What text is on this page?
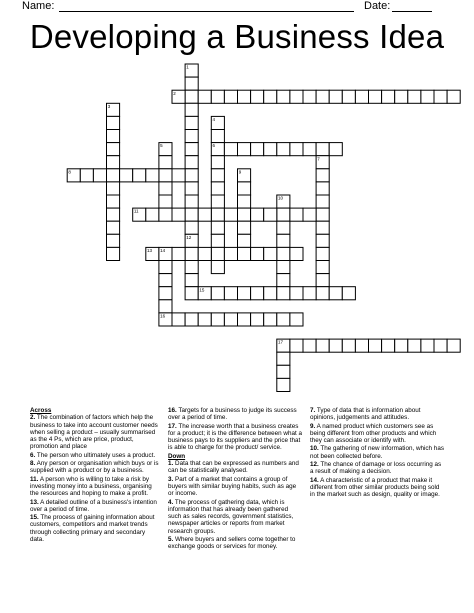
Name:	Date:
Developing a Business Idea
1
12
2
3
4
6
5
7
8	9
10
11
13 14
15
16
17
Across
2. The combination of factors which help the business to take into account customer needs when selling a product – usually summarised as the 4 Ps, which are price, product, promotion and place
6. The person who ultimately uses a product.
8. Any person or organisation which buys or is supplied with a product or by a business.
11. A person who is willing to take a risk by investing money into a business, organising the resources and hoping to make a profit.
13. A detailed outline of a business's intention over a period of time.
15. The process of gaining information about customers, competitors and market trends through collecting primary and secondary data.
16. Targets for a business to judge its success over a period of time.
17. The increase worth that a business creates for a product; it is the difference between what a business pays to its suppliers and the price that is able to charge for the product/ service.
Down
1. Data that can be expressed as numbers and can be statistically analysed.
3. Part of a market that contains a group of buyers with similar buying habits, such as age or income.
4. The process of gathering data, which is information that has already been gathered such as sales records, government statistics, newspaper articles or reports from market research groups.
5. Where buyers and sellers come together to exchange goods or services for money.
7. Type of data that is information about opinions, judgements and attitudes.
9. A named product which customers see as being different from other products and which they can associate or identify with.
10. The gathering of new information, which has not been collected before.
12. The chance of damage or loss occurring as a result of making a decision.
14. A characteristic of a product that make it different from other similar products being sold in the market such as design, quality or image.
